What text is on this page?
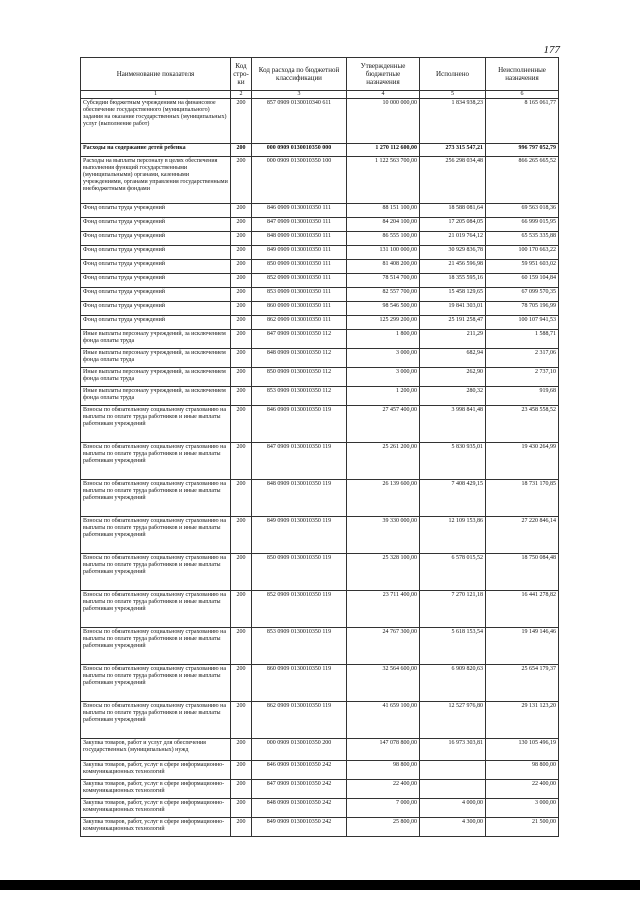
177
Наименование показателя	Код стро-ки	Код расхода по бюджетной классификации	Утвержденные бюджетные назначения	Исполнено	Неисполненные назначения
1	2	3	4	5	6
Субсидии бюджетным учреждениям на финансовое обеспечение государственного (муниципального) задания на оказание государственных (муниципальных) услуг (выполнение работ)	200	857 0909 0130010340 611	10 000 000,00	1 834 938,23	8 165 061,77
Расходы на содержание детей ребенка	200	000 0909 0130010350 000	1 270 112 600,00	273 315 547,21	996 797 052,79
Расходы на выплаты персоналу в целях обеспечения выполнения функций государственными (муниципальными) органами, казенными учреждениями, органами управления государственными внебюджетными фондами	200	000 0909 0130010350 100	1 122 563 700,00	256 298 034,48	866 265 665,52
Фонд оплаты труда учреждений	200	846 0909 0130010350 111	88 151 100,00	18 588 081,64	69 563 018,36
Фонд оплаты труда учреждений	200	847 0909 0130010350 111	84 204 100,00	17 205 084,05	66 999 015,95
Фонд оплаты труда учреждений	200	848 0909 0130010350 111	86 555 100,00	21 019 764,12	65 535 335,88
Фонд оплаты труда учреждений	200	849 0909 0130010350 111	131 100 000,00	30 929 836,78	100 170 663,22
Фонд оплаты труда учреждений	200	850 0909 0130010350 111	81 408 200,00	21 456 596,98	59 951 603,02
Фонд оплаты труда учреждений	200	852 0909 0130010350 111	78 514 700,00	18 355 595,16	60 159 104,84
Фонд оплаты труда учреждений	200	853 0909 0130010350 111	82 557 700,00	15 458 129,65	67 099 570,35
Фонд оплаты труда учреждений	200	860 0909 0130010350 111	98 546 500,00	19 841 303,01	78 705 196,99
Фонд оплаты труда учреждений	200	862 0909 0130010350 111	125 299 200,00	25 191 258,47	100 107 941,53
Иные выплаты персоналу учреждений, за исключением фонда оплаты труда	200	847 0909 0130010350 112	1 800,00	211,29	1 588,71
Иные выплаты персоналу учреждений, за исключением фонда оплаты труда	200	848 0909 0130010350 112	3 000,00	682,94	2 317,06
Иные выплаты персоналу учреждений, за исключением фонда оплаты труда	200	850 0909 0130010350 112	3 000,00	262,90	2 737,10
Иные выплаты персоналу учреждений, за исключением фонда оплаты труда	200	853 0909 0130010350 112	1 200,00	280,32	919,68
Взносы по обязательному социальному страхованию на выплаты по оплате труда работников и иные выплаты работникам учреждений	200	846 0909 0130010350 119	27 457 400,00	3 998 841,48	23 458 558,52
Взносы по обязательному социальному страхованию на выплаты по оплате труда работников и иные выплаты работникам учреждений	200	847 0909 0130010350 119	25 261 200,00	5 830 935,01	19 430 264,99
Взносы по обязательному социальному страхованию на выплаты по оплате труда работников и иные выплаты работникам учреждений	200	848 0909 0130010350 119	26 139 600,00	7 408 429,15	18 731 170,85
Взносы по обязательному социальному страхованию на выплаты по оплате труда работников и иные выплаты работникам учреждений	200	849 0909 0130010350 119	39 330 000,00	12 109 153,86	27 220 846,14
Взносы по обязательному социальному страхованию на выплаты по оплате труда работников и иные выплаты работникам учреждений	200	850 0909 0130010350 119	25 328 100,00	6 578 015,52	18 750 084,48
Взносы по обязательному социальному страхованию на выплаты по оплате труда работников и иные выплаты работникам учреждений	200	852 0909 0130010350 119	23 711 400,00	7 270 121,18	16 441 278,82
Взносы по обязательному социальному страхованию на выплаты по оплате труда работников и иные выплаты работникам учреждений	200	853 0909 0130010350 119	24 767 300,00	5 618 153,54	19 149 146,46
Взносы по обязательному социальному страхованию на выплаты по оплате труда работников и иные выплаты работникам учреждений	200	860 0909 0130010350 119	32 564 600,00	6 909 820,63	25 654 179,37
Взносы по обязательному социальному страхованию на выплаты по оплате труда работников и иные выплаты работникам учреждений	200	862 0909 0130010350 119	41 659 100,00	12 527 976,80	29 131 123,20
Закупка товаров, работ и услуг для обеспечения государственных (муниципальных) нужд	200	000 0909 0130010350 200	147 078 800,00	16 973 303,81	130 105 496,19
Закупка товаров, работ, услуг в сфере информационно-коммуникационных технологий	200	846 0909 0130010350 242	98 800,00		98 800,00
Закупка товаров, работ, услуг в сфере информационно-коммуникационных технологий	200	847 0909 0130010350 242	22 400,00		22 400,00
Закупка товаров, работ, услуг в сфере информационно-коммуникационных технологий	200	848 0909 0130010350 242	7 000,00	4 000,00	3 000,00
Закупка товаров, работ, услуг в сфере информационно-коммуникационных технологий	200	849 0909 0130010350 242	25 800,00	4 300,00	21 500,00
